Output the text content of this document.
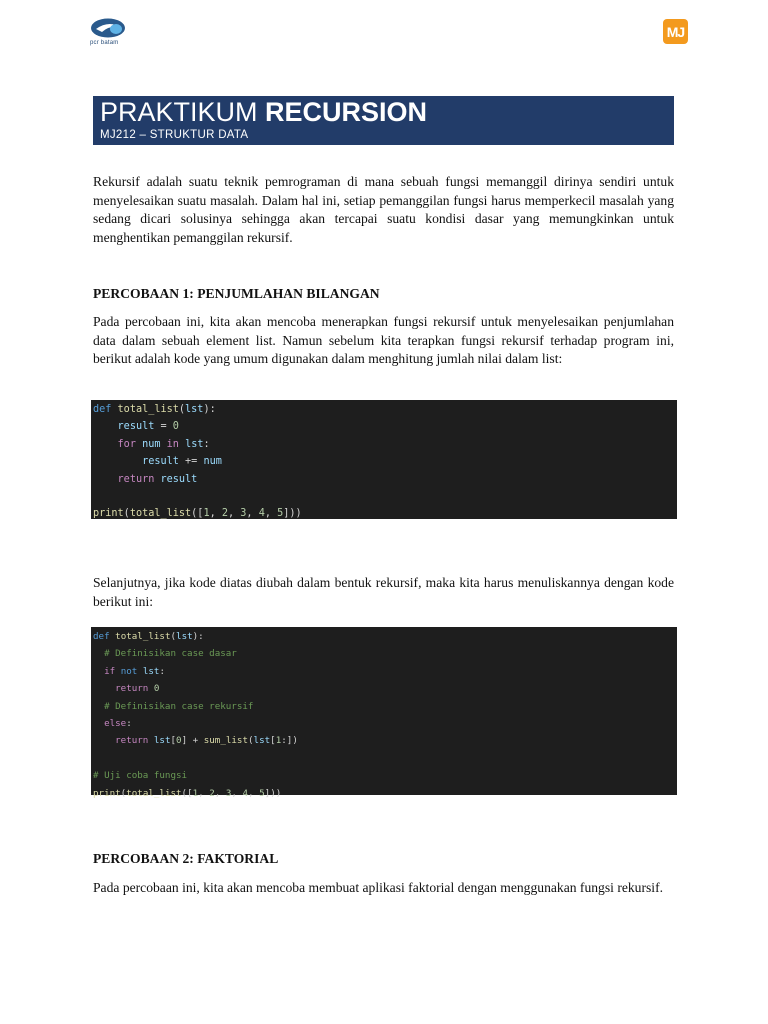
pcr batam
MJ
PRAKTIKUM RECURSION
MJ212 – STRUKTUR DATA

Rekursif adalah suatu teknik pemrograman di mana sebuah fungsi memanggil dirinya sendiri untuk menyelesaikan suatu masalah. Dalam hal ini, setiap pemanggilan fungsi harus memperkecil masalah yang sedang dicari solusinya sehingga akan tercapai suatu kondisi dasar yang memungkinkan untuk menghentikan pemanggilan rekursif.

PERCOBAAN 1: PENJUMLAHAN BILANGAN

Pada percobaan ini, kita akan mencoba menerapkan fungsi rekursif untuk menyelesaikan penjumlahan data dalam sebuah element list. Namun sebelum kita terapkan fungsi rekursif terhadap program ini, berikut adalah kode yang umum digunakan dalam menghitung jumlah nilai dalam list:

def total_list(lst):
result = 0
for num in lst:
result += num
return result

print(total_list([1, 2, 3, 4, 5]))

Selanjutnya, jika kode diatas diubah dalam bentuk rekursif, maka kita harus menuliskannya dengan kode berikut ini:

def total_list(lst):
# Definisikan case dasar
if not lst:
return 0
# Definisikan case rekursif
else:
return lst[0] + sum_list(lst[1:])

# Uji coba fungsi
print(total_list([1, 2, 3, 4, 5]))
PERCOBAAN 2: FAKTORIAL

Pada percobaan ini, kita akan mencoba membuat aplikasi faktorial dengan menggunakan fungsi rekursif.
